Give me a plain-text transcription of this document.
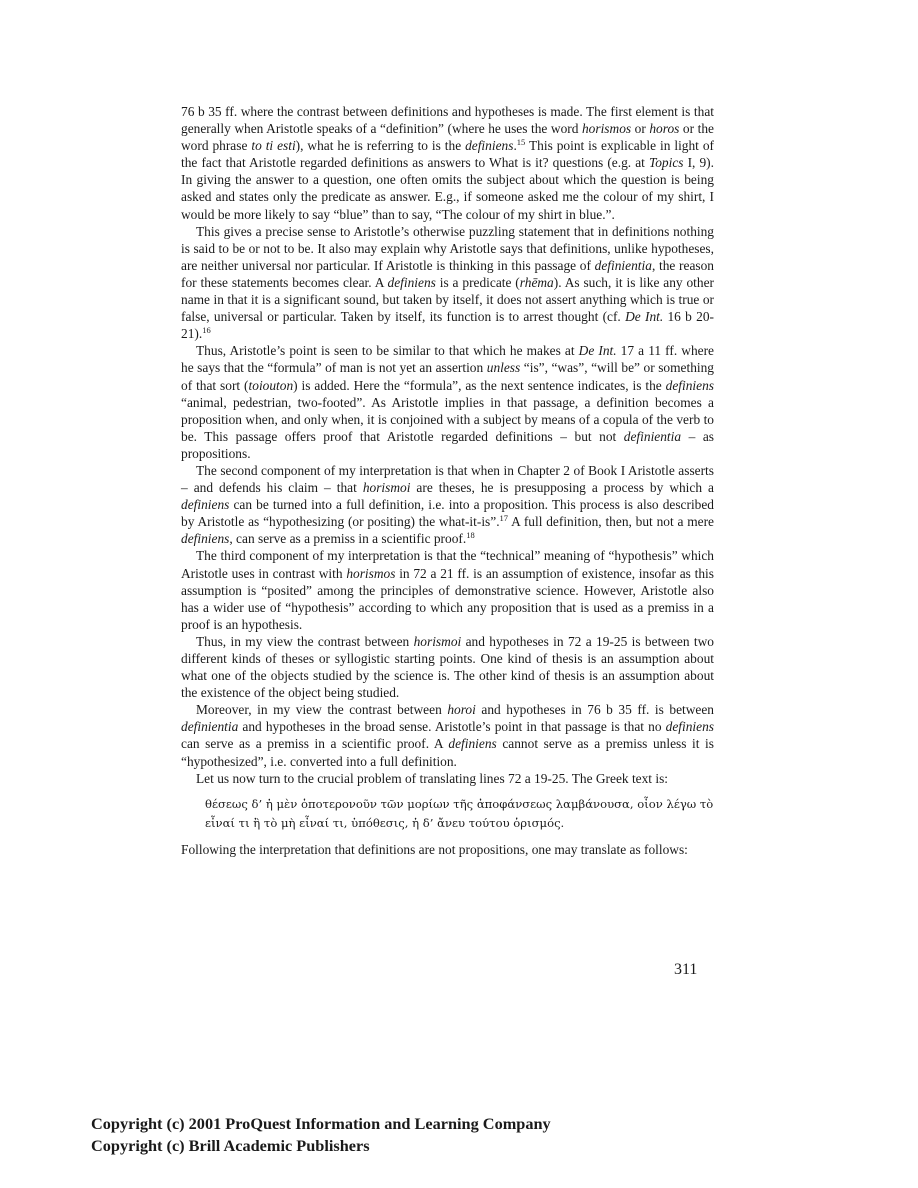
76 b 35 ff. where the contrast between definitions and hypotheses is made. The first element is that generally when Aristotle speaks of a “definition” (where he uses the word horismos or horos or the word phrase to ti esti), what he is referring to is the definiens.$^{15}$ This point is explicable in light of the fact that Aristotle regarded definitions as answers to What is it? questions (e.g. at Topics I, 9). In giving the answer to a question, one often omits the subject about which the question is being asked and states only the predicate as answer. E.g., if someone asked me the colour of my shirt, I would be more likely to say “blue” than to say, “The colour of my shirt in blue.”.

This gives a precise sense to Aristotle’s otherwise puzzling statement that in definitions nothing is said to be or not to be. It also may explain why Aristotle says that definitions, unlike hypotheses, are neither universal nor particular. If Aristotle is thinking in this passage of definientia, the reason for these statements becomes clear. A definiens is a predicate (rhēma). As such, it is like any other name in that it is a significant sound, but taken by itself, it does not assert anything which is true or false, universal or particular. Taken by itself, its function is to arrest thought (cf. De Int. 16 b 20-21).$^{16}$

Thus, Aristotle’s point is seen to be similar to that which he makes at De Int. 17 a 11 ff. where he says that the “formula” of man is not yet an assertion unless “is”, “was”, “will be” or something of that sort (toiouton) is added. Here the “formula”, as the next sentence indicates, is the definiens “animal, pedestrian, two-footed”. As Aristotle implies in that passage, a definition becomes a proposition when, and only when, it is conjoined with a subject by means of a copula of the verb to be. This passage offers proof that Aristotle regarded definitions – but not definientia – as propositions.

The second component of my interpretation is that when in Chapter 2 of Book I Aristotle asserts – and defends his claim – that horismoi are theses, he is presupposing a process by which a definiens can be turned into a full definition, i.e. into a proposition. This process is also described by Aristotle as “hypothesizing (or positing) the what-it-is”.$^{17}$ A full definition, then, but not a mere definiens, can serve as a premiss in a scientific proof.$^{18}$

The third component of my interpretation is that the “technical” meaning of “hypothesis” which Aristotle uses in contrast with horismos in 72 a 21 ff. is an assumption of existence, insofar as this assumption is “posited” among the principles of demonstrative science. However, Aristotle also has a wider use of “hypothesis” according to which any proposition that is used as a premiss in a proof is an hypothesis.

Thus, in my view the contrast between horismoi and hypotheses in 72 a 19-25 is between two different kinds of theses or syllogistic starting points. One kind of thesis is an assumption about what one of the objects studied by the science is. The other kind of thesis is an assumption about the existence of the object being studied.

Moreover, in my view the contrast between horoi and hypotheses in 76 b 35 ff. is between definientia and hypotheses in the broad sense. Aristotle’s point in that passage is that no definiens can serve as a premiss in a scientific proof. A definiens cannot serve as a premiss unless it is “hypothesized”, i.e. converted into a full definition.

Let us now turn to the crucial problem of translating lines 72 a 19-25. The Greek text is:

θέσεως δ’ ἡ μὲν ὁποτερονοῦν τῶν μορίων τῆς ἀποφάνσεως λαμβάνουσα, οἷον λέγω τὸ
εἶναί τι ἢ τὸ μὴ εἶναί τι, ὑπόθεσις, ἡ δ’ ἄνευ τούτου ὁρισμός.

Following the interpretation that definitions are not propositions, one may translate as follows:

311
Copyright (c) 2001 ProQuest Information and Learning Company
Copyright (c) Brill Academic Publishers
